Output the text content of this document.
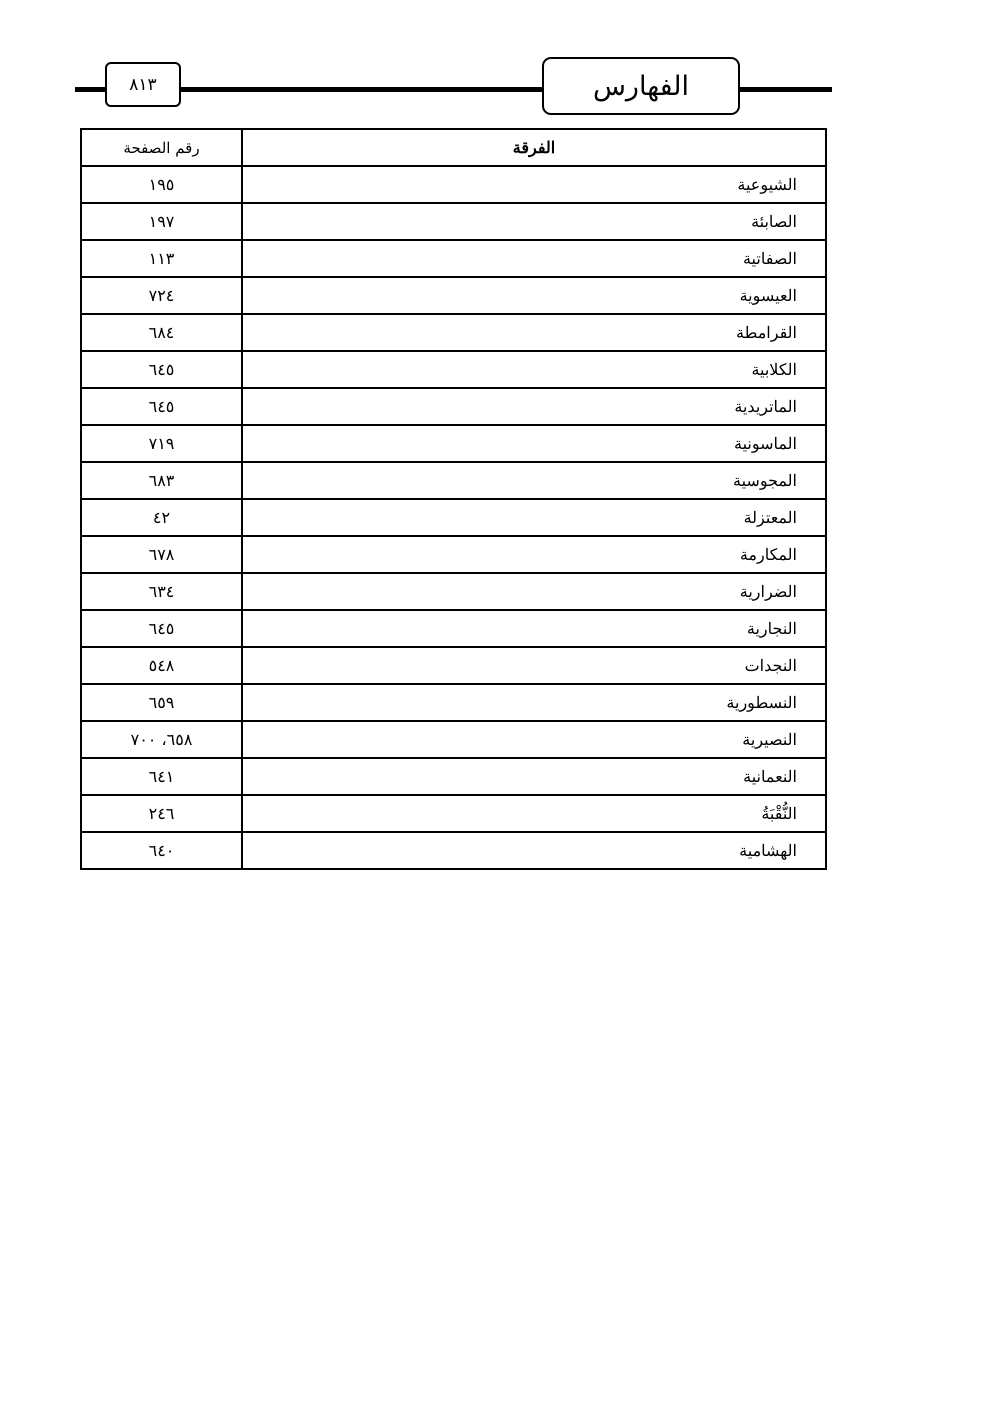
٨١٣	الفهارس
الفرقة	رقم الصفحة
الشيوعية	١٩٥
الصابئة	١٩٧
الصفاتية	١١٣
العيسوية	٧٢٤
القرامطة	٦٨٤
الكلابية	٦٤٥
الماتريدية	٦٤٥
الماسونية	٧١٩
المجوسية	٦٨٣
المعتزلة	٤٢
المكارمة	٦٧٨
الضرارية	٦٣٤
النجارية	٦٤٥
النجدات	٥٤٨
النسطورية	٦٥٩
النصيرية	٦٥٨، ٧٠٠
النعمانية	٦٤١
النُّقْبَةُ	٢٤٦
الهشامية	٦٤٠
